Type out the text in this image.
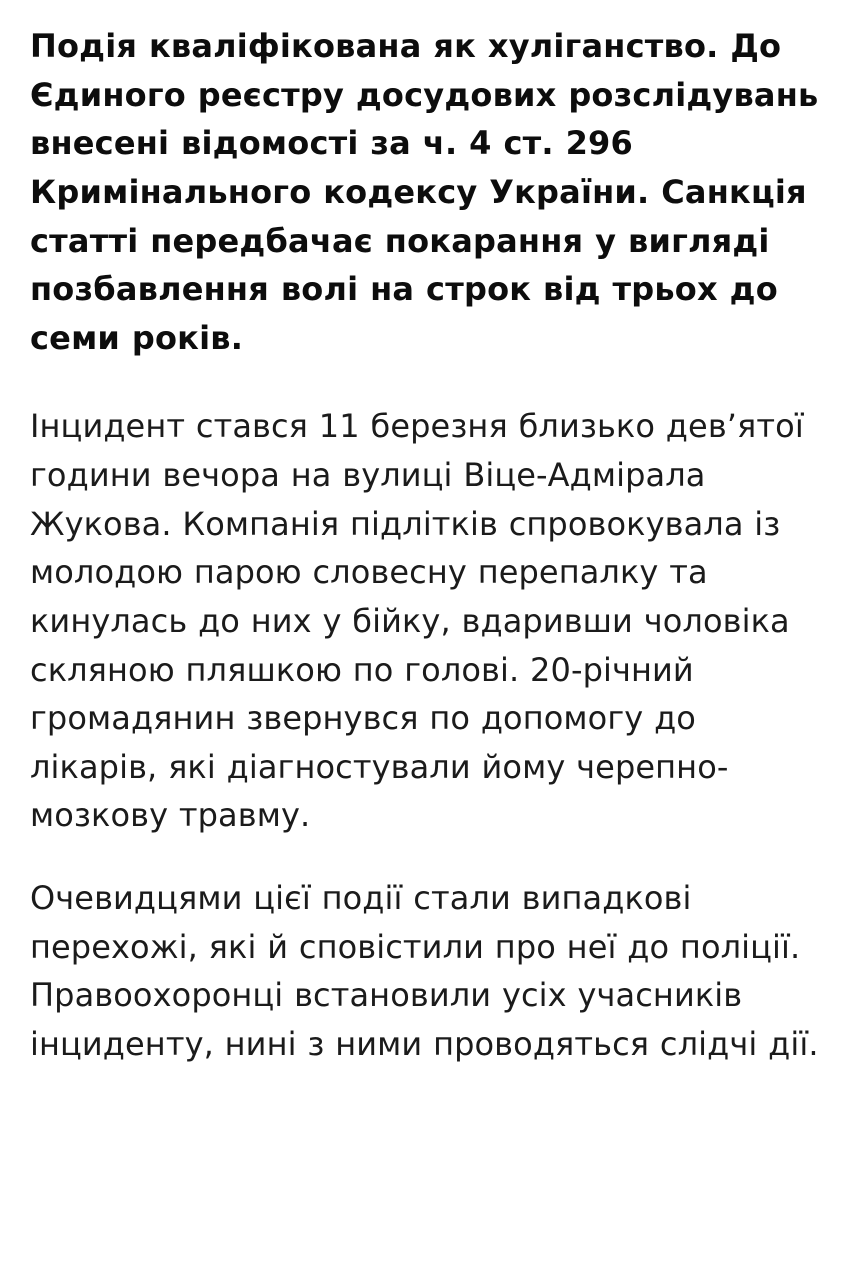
Подія кваліфікована як хуліганство. До Єдиного реєстру досудових розслідувань внесені відомості за ч. 4 ст. 296 Кримінального кодексу України. Санкція статті передбачає покарання у вигляді позбавлення волі на строк від трьох до семи років.

Інцидент стався 11 березня близько дев’ятої години вечора на вулиці Віце-Адмірала Жукова. Компанія підлітків спровокувала із молодою парою словесну перепалку та кинулась до них у бійку, вдаривши чоловіка скляною пляшкою по голові. 20-річний громадянин звернувся по допомогу до лікарів, які діагностували йому черепно-мозкову травму.

Очевидцями цієї події стали випадкові перехожі, які й сповістили про неї до поліції. Правоохоронці встановили усіх учасників інциденту, нині з ними проводяться слідчі дії.
